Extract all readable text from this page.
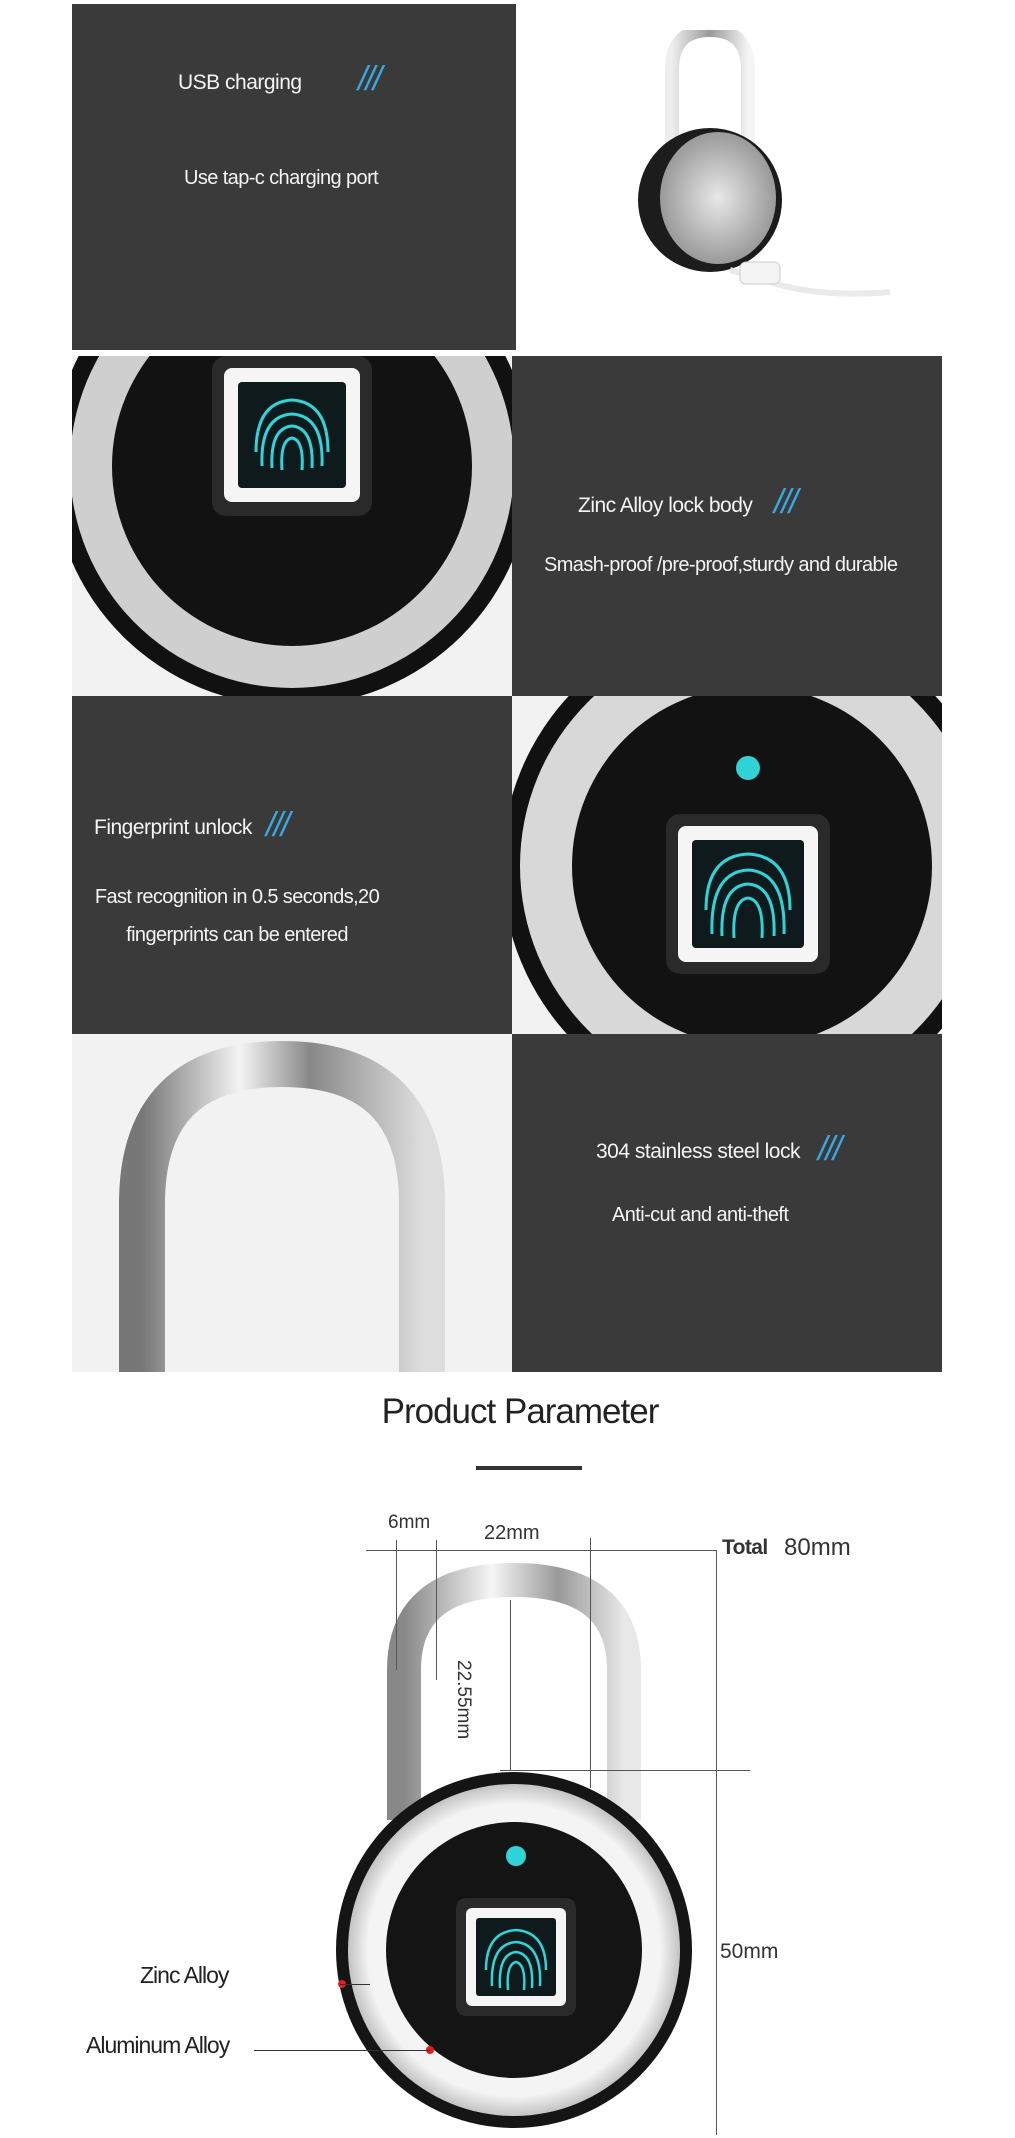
USB charging ///
Use tap-c charging port
Zinc Alloy lock body ///
Smash-proof /pre-proof,sturdy and durable
Fingerprint unlock ///
Fast recognition in 0.5 seconds,20
fingerprints can be entered
304 stainless steel lock ///
Anti-cut and anti-theft
Product Parameter
6mm	22mm
22.55mm
Total 80mm
50mm
Zinc Alloy
Aluminum Alloy
